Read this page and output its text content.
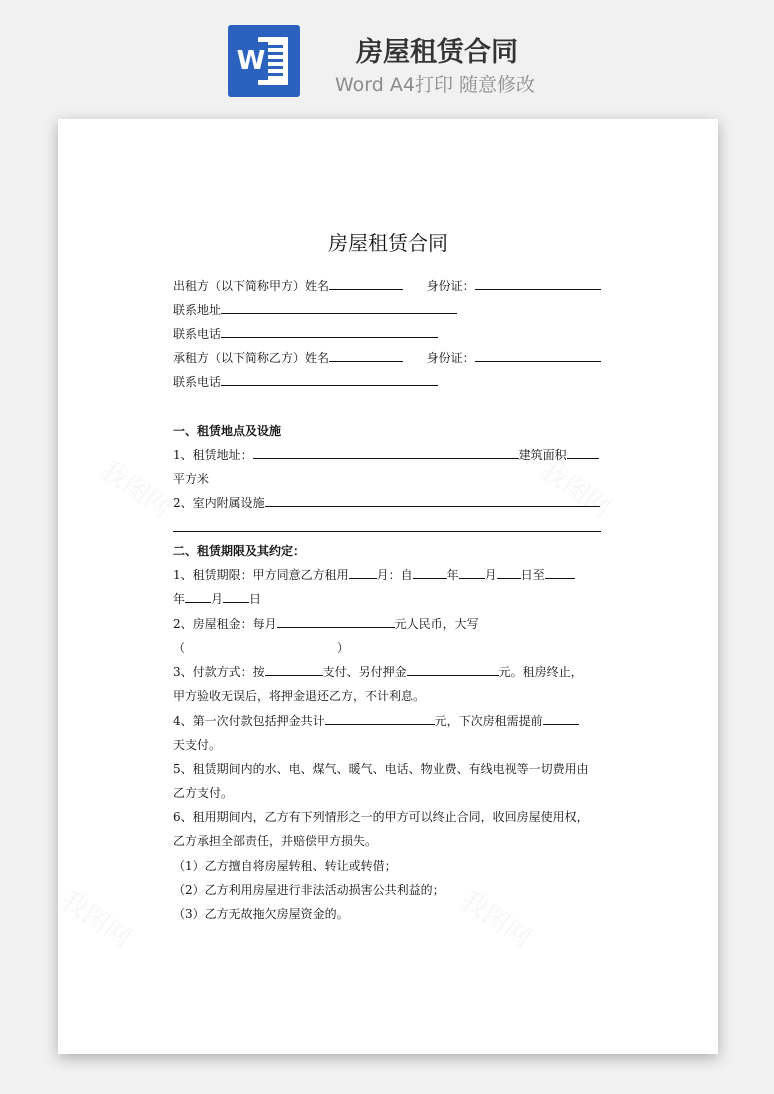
W	房屋租赁合同
Word A4打印 随意修改
房屋租赁合同
出租方（以下简称甲方）姓名	身份证：
联系地址
联系电话
承租方（以下简称乙方）姓名	身份证：
联系电话
一、租赁地点及设施
1、租赁地址：	建筑面积
平方米
2、室内附属设施
二、租赁期限及其约定：
1、租赁期限：甲方同意乙方租用 月：自	年 月 日至
年 月 日
2、房屋租金：每月	元人民币，大写
（	）
3、付款方式：按	支付、另付押金	元。租房终止，
甲方验收无误后，将押金退还乙方，不计利息。
4、第一次付款包括押金共计	元，下次房租需提前
天支付。
5、租赁期间内的水、电、煤气、暖气、电话、物业费、有线电视等一切费用由
乙方支付。
6、租用期间内，乙方有下列情形之一的甲方可以终止合同，收回房屋使用权，
乙方承担全部责任，并赔偿甲方损失。
（1）乙方擅自将房屋转租、转让或转借；
（2）乙方利用房屋进行非法活动损害公共利益的；
（3）乙方无故拖欠房屋资金的。
